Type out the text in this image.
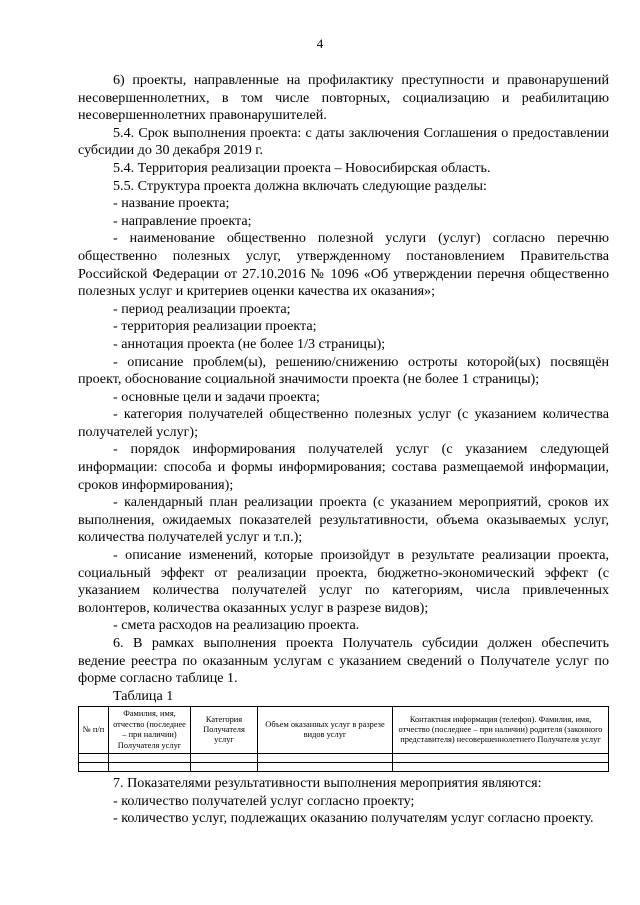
4

6) проекты, направленные на профилактику преступности и правонарушений несовершеннолетних, в том числе повторных, социализацию и реабилитацию несовершеннолетних правонарушителей.

5.4. Срок выполнения проекта: с даты заключения Соглашения о предоставлении субсидии до 30 декабря 2019 г.

5.4. Территория реализации проекта – Новосибирская область.

5.5. Структура проекта должна включать следующие разделы:

- название проекта;

- направление проекта;

- наименование общественно полезной услуги (услуг) согласно перечню общественно полезных услуг, утвержденному постановлением Правительства Российской Федерации от 27.10.2016 № 1096 «Об утверждении перечня общественно полезных услуг и критериев оценки качества их оказания»;

- период реализации проекта;

- территория реализации проекта;

- аннотация проекта (не более 1/3 страницы);

- описание проблем(ы), решению/снижению остроты которой(ых) посвящён проект, обоснование социальной значимости проекта (не более 1 страницы);

- основные цели и задачи проекта;

- категория получателей общественно полезных услуг (с указанием количества получателей услуг);

- порядок информирования получателей услуг (с указанием следующей информации: способа и формы информирования; состава размещаемой информации, сроков информирования);

- календарный план реализации проекта (с указанием мероприятий, сроков их выполнения, ожидаемых показателей результативности, объема оказываемых услуг, количества получателей услуг и т.п.);

- описание изменений, которые произойдут в результате реализации проекта, социальный эффект от реализации проекта, бюджетно-экономический эффект (с указанием количества получателей услуг по категориям, числа привлеченных волонтеров, количества оказанных услуг в разрезе видов);

- смета расходов на реализацию проекта.

6. В рамках выполнения проекта Получатель субсидии должен обеспечить ведение реестра по оказанным услугам с указанием сведений о Получателе услуг по форме согласно таблице 1.

Таблица 1

№ п/п	Фамилия, имя, отчество (последнее – при наличии) Получателя услуг	Категория Получателя услуг	Объем оказанных услуг в разрезе видов услуг	Контактная информация (телефон). Фамилия, имя, отчество (последнее – при наличии) родителя (законного представителя) несовершеннолетнего Получателя услуг

7. Показателями результативности выполнения мероприятия являются:

- количество получателей услуг согласно проекту;

- количество услуг, подлежащих оказанию получателям услуг согласно проекту.
